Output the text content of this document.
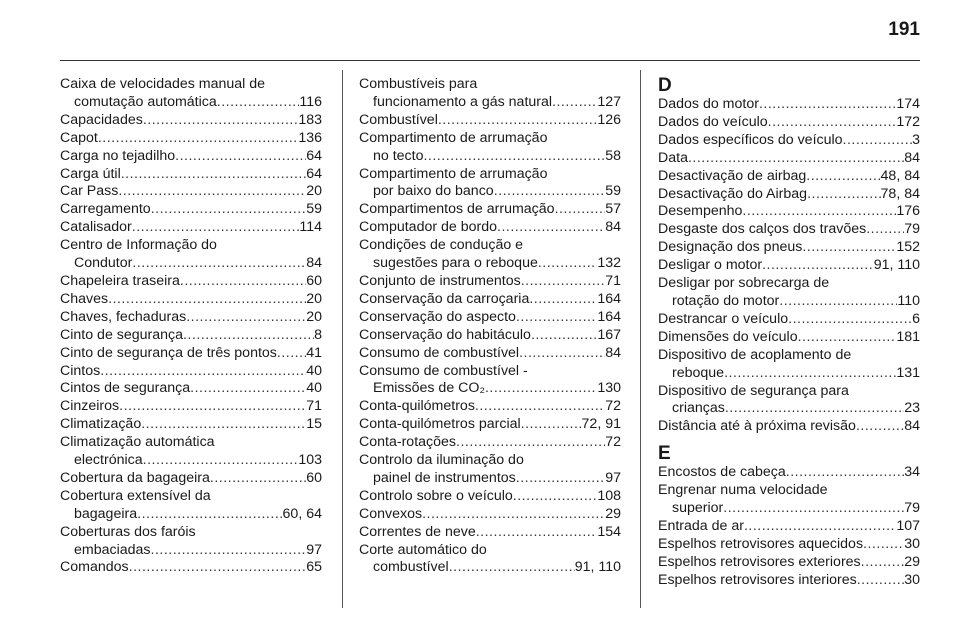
191
Caixa de velocidades manual de
comutação automática .....	116
Capacidades .....	183
Capot .....	136
Carga no tejadilho .....	64
Carga útil .....	64
Car Pass .....	20
Carregamento .....	59
Catalisador .....	114
Centro de Informação do
Condutor .....	84
Chapeleira traseira .....	60
Chaves .....	20
Chaves, fechaduras .....	20
Cinto de segurança .....	8
Cinto de segurança de três pontos ..... 41
Cintos .....	40
Cintos de segurança .....	40
Cinzeiros .....	71
Climatização .....	15
Climatização automática
electrónica .....	103
Cobertura da bagageira .....	60
Cobertura extensível da
bagageira .....	60, 64
Coberturas dos faróis
embaciadas .....	97
Comandos .....	65
Combustíveis para
funcionamento a gás natural .....	127
Combustível .....	126
Compartimento de arrumação
no tecto .....	58
Compartimento de arrumação
por baixo do banco .....	59
Compartimentos de arrumação .....	57
Computador de bordo .....	84
Condições de condução e
sugestões para o reboque .....	132
Conjunto de instrumentos .....	71
Conservação da carroçaria .....	164
Conservação do aspecto .....	164
Conservação do habitáculo .....	167
Consumo de combustível .....	84
Consumo de combustível -
Emissões de CO₂ .....	130
Conta-quilómetros .....	72
Conta-quilómetros parcial .....	72, 91
Conta-rotações .....	72
Controlo da iluminação do
painel de instrumentos .....	97
Controlo sobre o veículo .....	108
Convexos .....	29
Correntes de neve .....	154
Corte automático do
combustível .....	91, 110
D
Dados do motor .....	174
Dados do veículo .....	172
Dados específicos do veículo .....	3
Data .....	84
Desactivação de airbag .....	48, 84
Desactivação do Airbag .....	78, 84
Desempenho .....	176
Desgaste dos calços dos travões .....	79
Designação dos pneus .....	152
Desligar o motor .....	91, 110
Desligar por sobrecarga de
rotação do motor .....	110
Destrancar o veículo .....	6
Dimensões do veículo .....	181
Dispositivo de acoplamento de
reboque .....	131
Dispositivo de segurança para
crianças .....	23
Distância até à próxima revisão .....	84
E
Encostos de cabeça .....	34
Engrenar numa velocidade
superior .....	79
Entrada de ar .....	107
Espelhos retrovisores aquecidos .....	30
Espelhos retrovisores exteriores .....	29
Espelhos retrovisores interiores .....	30
